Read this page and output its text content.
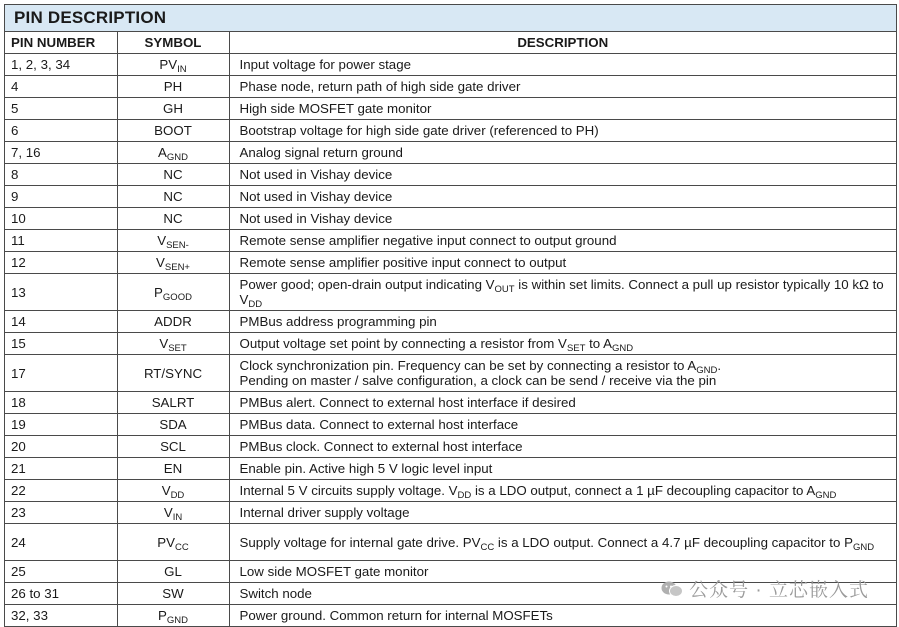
PIN DESCRIPTION
PIN NUMBER	SYMBOL	DESCRIPTION
1, 2, 3, 34	$PV_{IN}$	Input voltage for power stage
4	PH	Phase node, return path of high side gate driver
5	GH	High side MOSFET gate monitor
6	BOOT	Bootstrap voltage for high side gate driver (referenced to PH)
7, 16	$A_{GND}$	Analog signal return ground
8	NC	Not used in Vishay device
9	NC	Not used in Vishay device
10	NC	Not used in Vishay device
11	$V_{SEN-}$	Remote sense amplifier negative input connect to output ground
12	$V_{SEN+}$	Remote sense amplifier positive input connect to output
13	$P_{GOOD}$	Power good; open-drain output indicating $V_{OUT}$ is within set limits. Connect a pull up resistor typically 10 kΩ to $V_{DD}$
14	ADDR	PMBus address programming pin
15	$V_{SET}$	Output voltage set point by connecting a resistor from $V_{SET}$ to $A_{GND}$
17	RT/SYNC	Clock synchronization pin. Frequency can be set by connecting a resistor to $A_{GND}$.
Pending on master / salve configuration, a clock can be send / receive via the pin
18	SALRT	PMBus alert. Connect to external host interface if desired
19	SDA	PMBus data. Connect to external host interface
20	SCL	PMBus clock. Connect to external host interface
21	EN	Enable pin. Active high 5 V logic level input
22	$V_{DD}$	Internal 5 V circuits supply voltage. $V_{DD}$ is a LDO output, connect a 1 µF decoupling capacitor to $A_{GND}$
23	$V_{IN}$	Internal driver supply voltage
24	$PV_{CC}$	Supply voltage for internal gate drive. $PV_{CC}$ is a LDO output. Connect a 4.7 µF decoupling capacitor to $P_{GND}$
25	GL	Low side MOSFET gate monitor
26 to 31	SW	Switch node
32, 33	$P_{GND}$	Power ground. Common return for internal MOSFETs
公众号 · 立芯嵌入式
